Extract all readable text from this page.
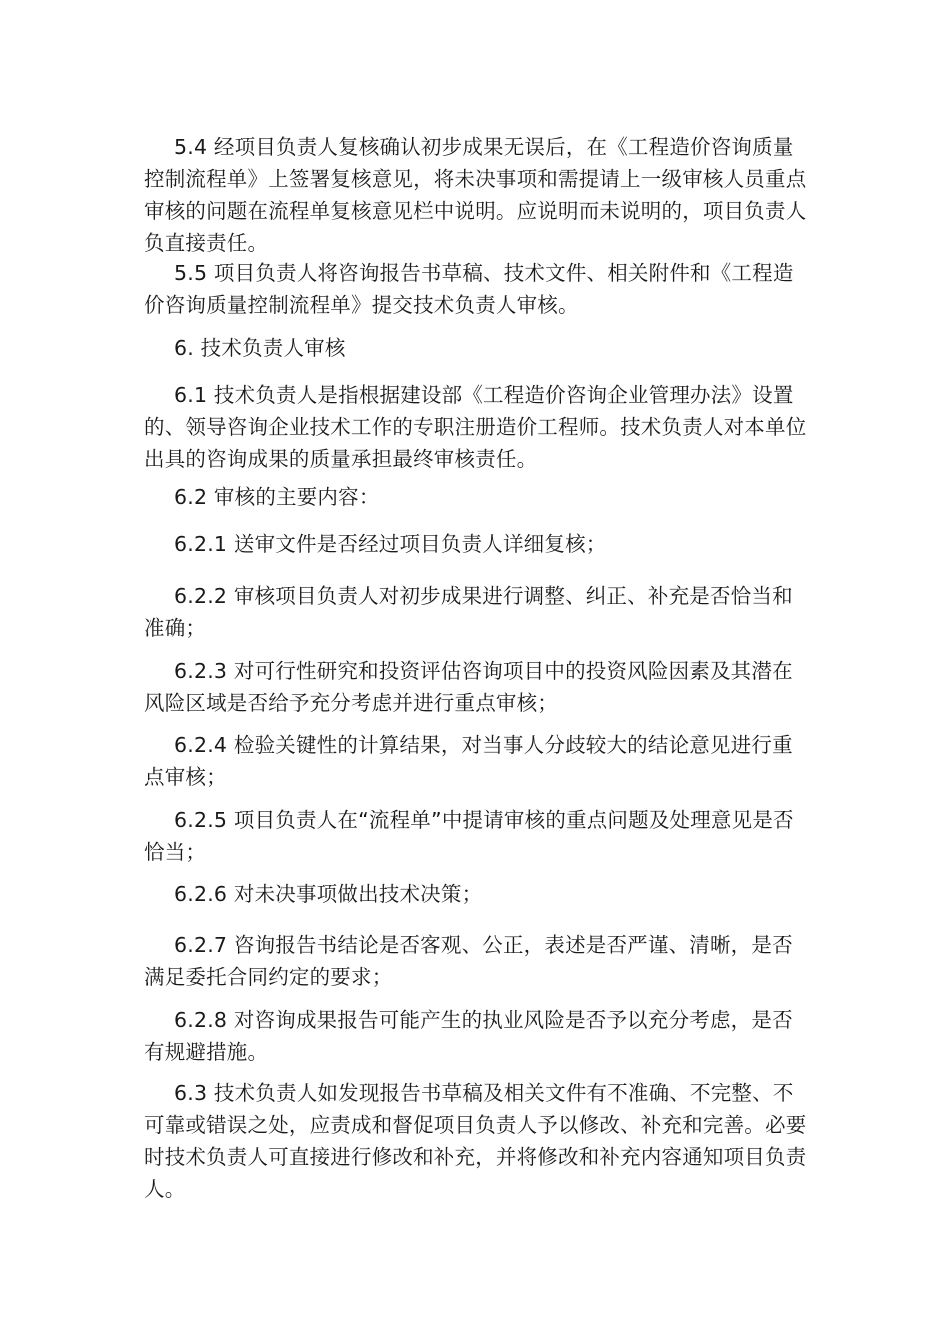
5.4 经项目负责人复核确认初步成果无误后，在《工程造价咨询质量控制流程单》上签署复核意见，将未决事项和需提请上一级审核人员重点审核的问题在流程单复核意见栏中说明。应说明而未说明的，项目负责人负直接责任。

5.5 项目负责人将咨询报告书草稿、技术文件、相关附件和《工程造价咨询质量控制流程单》提交技术负责人审核。

6. 技术负责人审核

6.1 技术负责人是指根据建设部《工程造价咨询企业管理办法》设置的、领导咨询企业技术工作的专职注册造价工程师。技术负责人对本单位出具的咨询成果的质量承担最终审核责任。

6.2 审核的主要内容：

6.2.1 送审文件是否经过项目负责人详细复核；

6.2.2 审核项目负责人对初步成果进行调整、纠正、补充是否恰当和准确；

6.2.3 对可行性研究和投资评估咨询项目中的投资风险因素及其潜在风险区域是否给予充分考虑并进行重点审核；

6.2.4 检验关键性的计算结果，对当事人分歧较大的结论意见进行重点审核；

6.2.5 项目负责人在“流程单”中提请审核的重点问题及处理意见是否恰当；

6.2.6 对未决事项做出技术决策；

6.2.7 咨询报告书结论是否客观、公正，表述是否严谨、清晰，是否满足委托合同约定的要求；

6.2.8 对咨询成果报告可能产生的执业风险是否予以充分考虑，是否有规避措施。

6.3 技术负责人如发现报告书草稿及相关文件有不准确、不完整、不可靠或错误之处，应责成和督促项目负责人予以修改、补充和完善。必要时技术负责人可直接进行修改和补充，并将修改和补充内容通知项目负责人。
